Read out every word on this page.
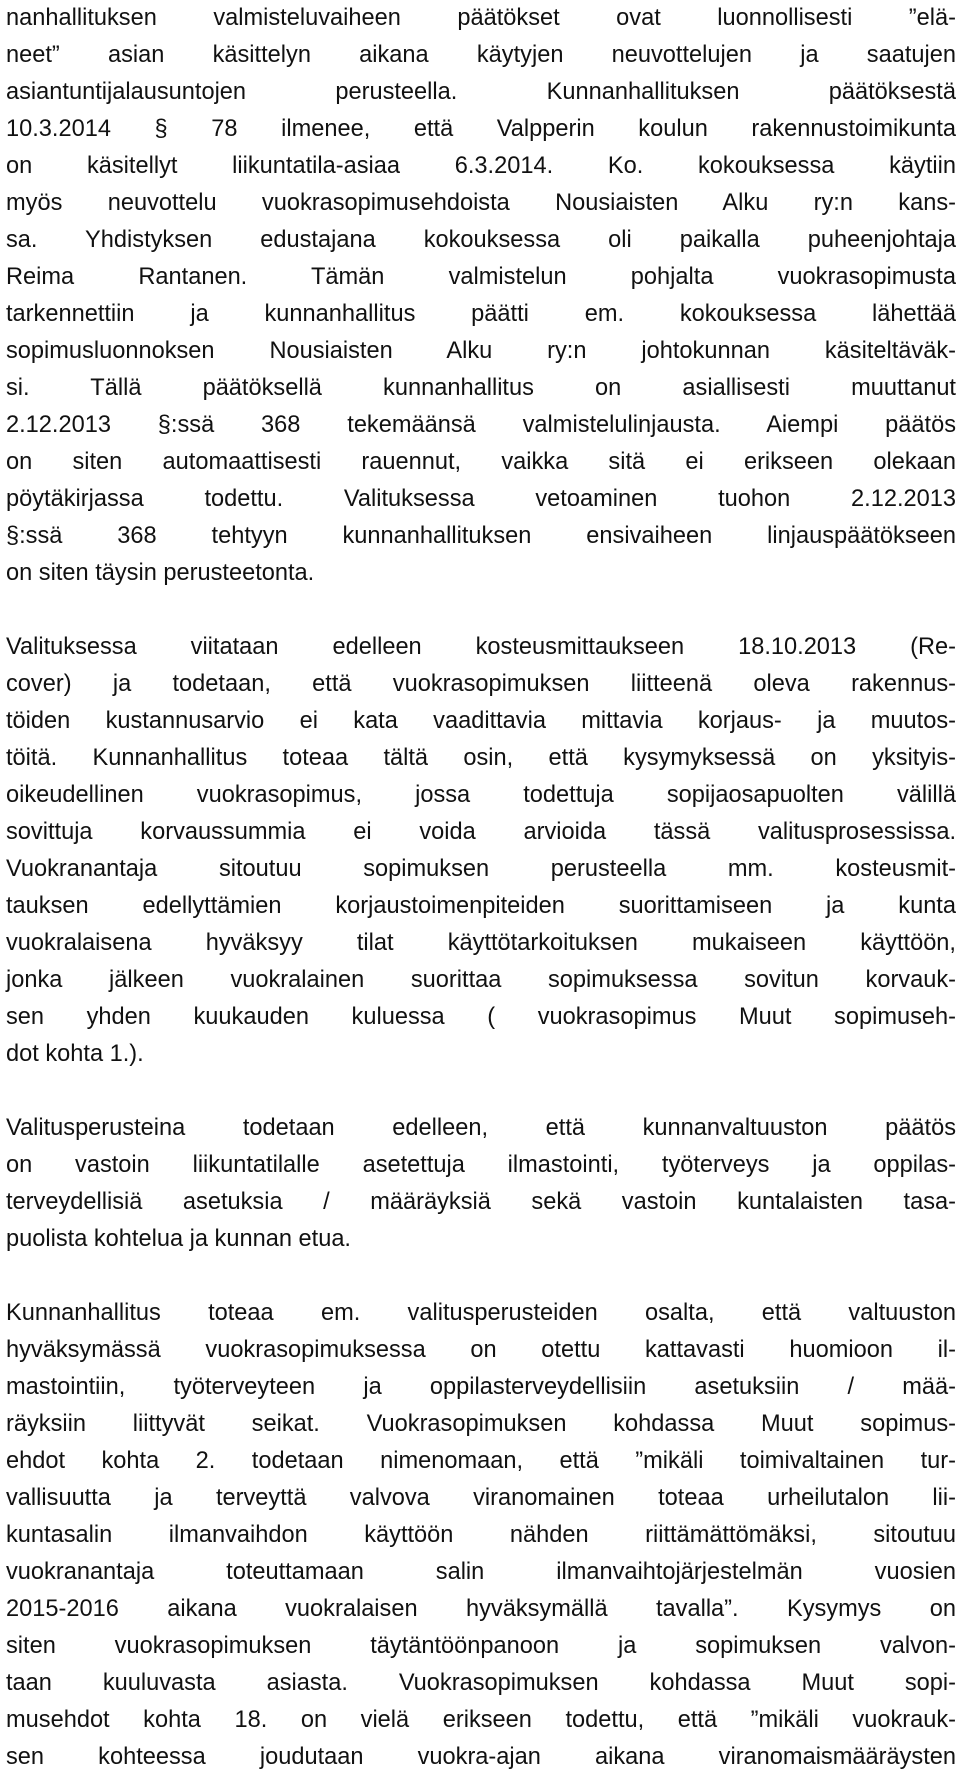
nanhallituksen valmisteluvaiheen päätökset ovat luonnollisesti ”elä-
neet” asian käsittelyn aikana käytyjen neuvottelujen ja saatujen
asiantuntijalausuntojen perusteella. Kunnanhallituksen päätöksestä
10.3.2014 § 78 ilmenee, että Valpperin koulun rakennustoimikunta
on käsitellyt liikuntatila-asiaa 6.3.2014. Ko. kokouksessa käytiin
myös neuvottelu vuokrasopimusehdoista Nousiaisten Alku ry:n kans-
sa. Yhdistyksen edustajana kokouksessa oli paikalla puheenjohtaja
Reima Rantanen. Tämän valmistelun pohjalta vuokrasopimusta
tarkennettiin ja kunnanhallitus päätti em. kokouksessa lähettää
sopimusluonnoksen Nousiaisten Alku ry:n johtokunnan käsiteltäväk-
si. Tällä päätöksellä kunnanhallitus on asiallisesti muuttanut
2.12.2013 §:ssä 368 tekemäänsä valmistelulinjausta. Aiempi päätös
on siten automaattisesti rauennut, vaikka sitä ei erikseen olekaan
pöytäkirjassa todettu. Valituksessa vetoaminen tuohon 2.12.2013
§:ssä 368 tehtyyn kunnanhallituksen ensivaiheen linjauspäätökseen
on siten täysin perusteetonta.
Valituksessa viitataan edelleen kosteusmittaukseen 18.10.2013 (Re-
cover) ja todetaan, että vuokrasopimuksen liitteenä oleva rakennus-
töiden kustannusarvio ei kata vaadittavia mittavia korjaus- ja muutos-
töitä. Kunnanhallitus toteaa tältä osin, että kysymyksessä on yksityis-
oikeudellinen vuokrasopimus, jossa todettuja sopijaosapuolten välillä
sovittuja korvaussummia ei voida arvioida tässä valitusprosessissa.
Vuokranantaja sitoutuu sopimuksen perusteella mm. kosteusmit-
tauksen edellyttämien korjaustoimenpiteiden suorittamiseen ja kunta
vuokralaisena hyväksyy tilat käyttötarkoituksen mukaiseen käyttöön,
jonka jälkeen vuokralainen suorittaa sopimuksessa sovitun korvauk-
sen yhden kuukauden kuluessa ( vuokrasopimus Muut sopimuseh-
dot kohta 1.).
Valitusperusteina todetaan edelleen, että kunnanvaltuuston päätös
on vastoin liikuntatilalle asetettuja ilmastointi, työterveys ja oppilas-
terveydellisiä asetuksia / määräyksiä sekä vastoin kuntalaisten tasa-
puolista kohtelua ja kunnan etua.
Kunnanhallitus toteaa em. valitusperusteiden osalta, että valtuuston
hyväksymässä vuokrasopimuksessa on otettu kattavasti huomioon il-
mastointiin, työterveyteen ja oppilasterveydellisiin asetuksiin / mää-
räyksiin liittyvät seikat. Vuokrasopimuksen kohdassa Muut sopimus-
ehdot kohta 2. todetaan nimenomaan, että ”mikäli toimivaltainen tur-
vallisuutta ja terveyttä valvova viranomainen toteaa urheilutalon lii-
kuntasalin ilmanvaihdon käyttöön nähden riittämättömäksi, sitoutuu
vuokranantaja toteuttamaan salin ilmanvaihtojärjestelmän vuosien
2015-2016 aikana vuokralaisen hyväksymällä tavalla”. Kysymys on
siten vuokrasopimuksen täytäntöönpanoon ja sopimuksen valvon-
taan kuuluvasta asiasta. Vuokrasopimuksen kohdassa Muut sopi-
musehdot kohta 18. on vielä erikseen todettu, että ”mikäli vuokrauk-
sen kohteessa joudutaan vuokra-ajan aikana viranomaismääräysten
